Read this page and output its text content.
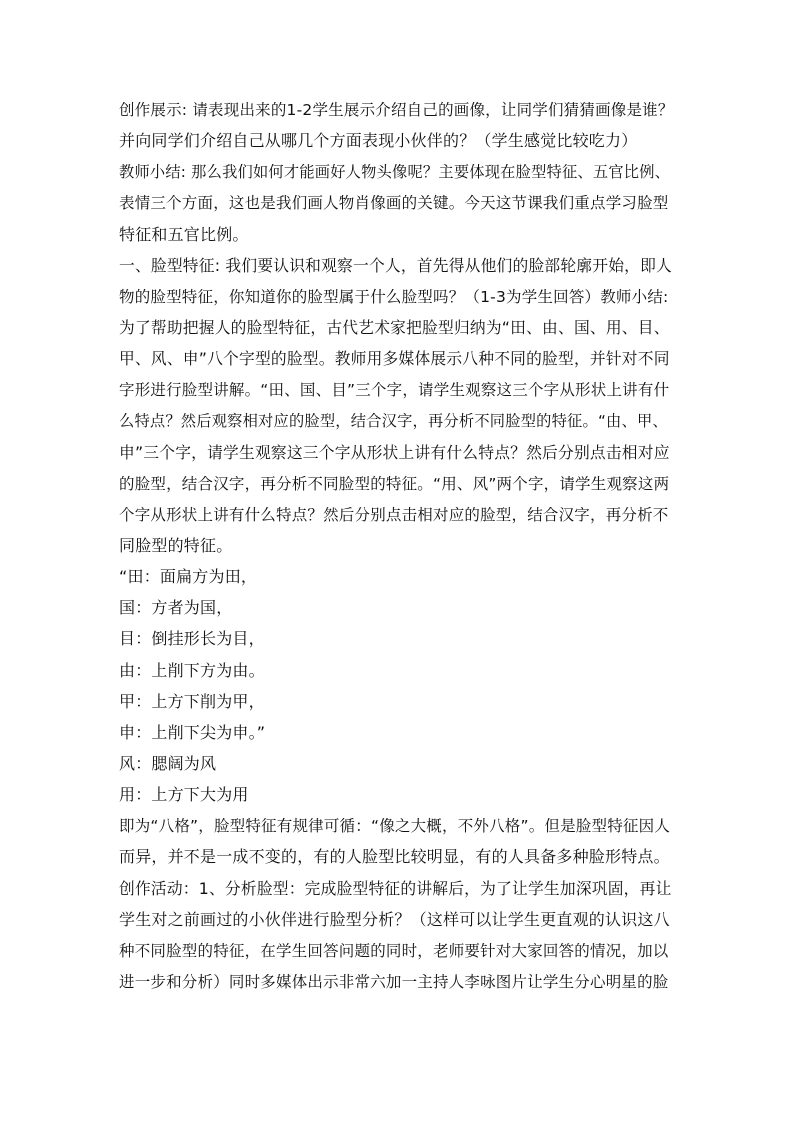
创作展示: 请表现出来的1-2学生展示介绍自己的画像，让同学们猜猜画像是谁？
并向同学们介绍自己从哪几个方面表现小伙伴的？（学生感觉比较吃力）
教师小结: 那么我们如何才能画好人物头像呢？主要体现在脸型特征、五官比例、
表情三个方面，这也是我们画人物肖像画的关键。今天这节课我们重点学习脸型
特征和五官比例。
一、脸型特征: 我们要认识和观察一个人，首先得从他们的脸部轮廓开始，即人
物的脸型特征，你知道你的脸型属于什么脸型吗？（1-3为学生回答）教师小结:
为了帮助把握人的脸型特征，古代艺术家把脸型归纳为“田、由、国、用、目、
甲、风、申”八个字型的脸型。教师用多媒体展示八种不同的脸型，并针对不同
字形进行脸型讲解。“田、国、目”三个字，请学生观察这三个字从形状上讲有什
么特点？然后观察相对应的脸型，结合汉字，再分析不同脸型的特征。“由、甲、
申”三个字，请学生观察这三个字从形状上讲有什么特点？然后分别点击相对应
的脸型，结合汉字，再分析不同脸型的特征。“用、风”两个字，请学生观察这两
个字从形状上讲有什么特点？然后分别点击相对应的脸型，结合汉字，再分析不
同脸型的特征。
“田：面扁方为田，
国：方者为国，
目：倒挂形长为目，
由：上削下方为由。
甲：上方下削为甲，
申：上削下尖为申。”
风：腮阔为风
用：上方下大为用
即为“八格”，脸型特征有规律可循：“像之大概，不外八格”。但是脸型特征因人
而异，并不是一成不变的，有的人脸型比较明显，有的人具备多种脸形特点。
创作活动：1、分析脸型：完成脸型特征的讲解后，为了让学生加深巩固，再让
学生对之前画过的小伙伴进行脸型分析？（这样可以让学生更直观的认识这八
种不同脸型的特征，在学生回答问题的同时，老师要针对大家回答的情况，加以
进一步和分析）同时多媒体出示非常六加一主持人李咏图片让学生分心明星的脸
